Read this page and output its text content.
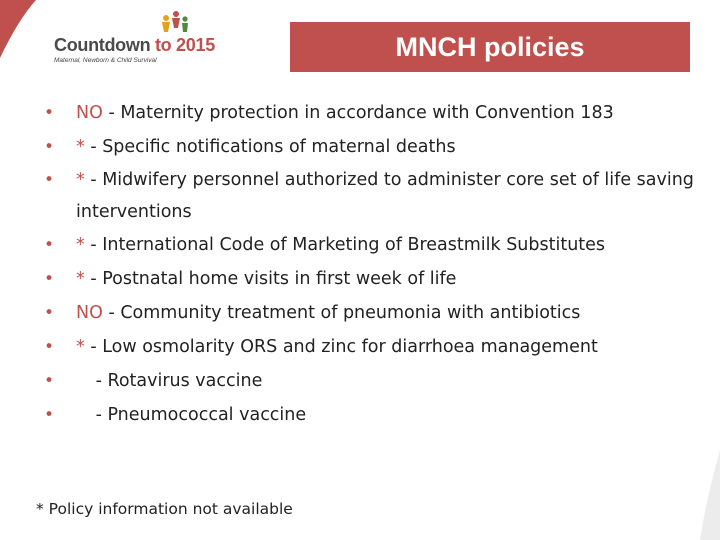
Countdown to 2015
Maternal, Newborn & Child Survival	MNCH policies
• NO - Maternity protection in accordance with Convention 183
• * - Specific notifications of maternal deaths
• * - Midwifery personnel authorized to administer core set of life saving interventions
• * - International Code of Marketing of Breastmilk Substitutes
• * - Postnatal home visits in first week of life
• NO - Community treatment of pneumonia with antibiotics
• * - Low osmolarity ORS and zinc for diarrhoea management
• - Rotavirus vaccine
• - Pneumococcal vaccine
* Policy information not available
